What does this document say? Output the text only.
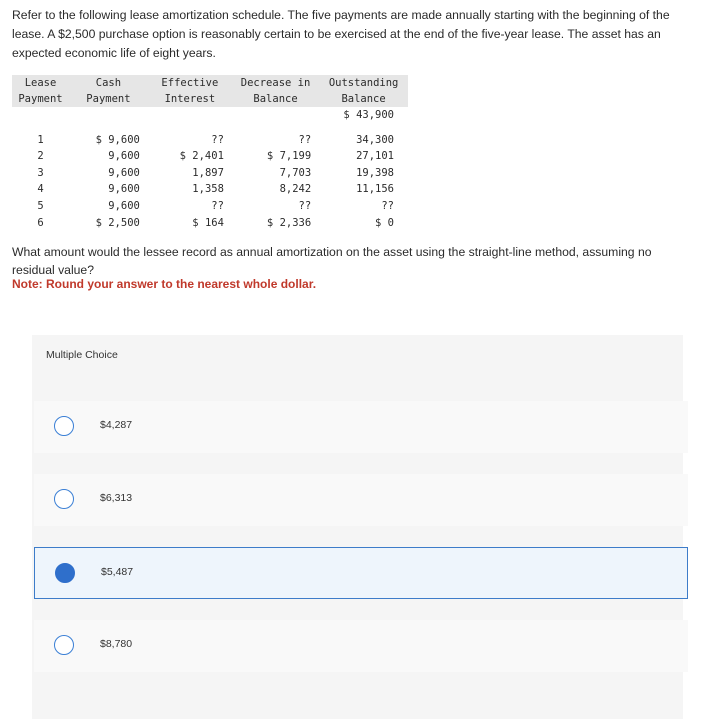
Refer to the following lease amortization schedule. The five payments are made annually starting with the beginning of the lease. A $2,500 purchase option is reasonably certain to be exercised at the end of the five-year lease. The asset has an expected economic life of eight years.

Lease	Cash	Effective	Decrease in	Outstanding
Payment	Payment	Interest	Balance	Balance
				$ 43,900

1	$ 9,600	??	??	34,300
2	9,600	$ 2,401	$ 7,199	27,101
3	9,600	1,897	7,703	19,398
4	9,600	1,358	8,242	11,156
5	9,600	??	??	??
6	$ 2,500	$ 164	$ 2,336	$ 0

What amount would the lessee record as annual amortization on the asset using the straight-line method, assuming no residual value?

Note: Round your answer to the nearest whole dollar.

Multiple Choice
$4,287
$6,313
$5,487
$8,780
